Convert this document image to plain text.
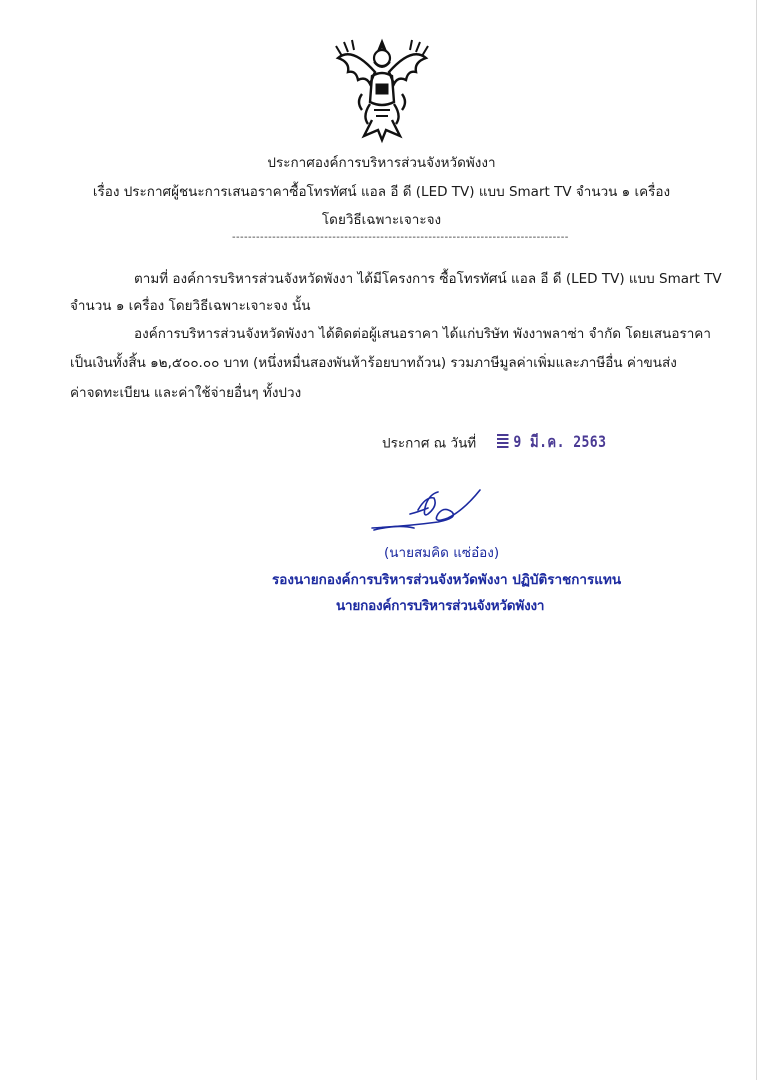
ประกาศองค์การบริหารส่วนจังหวัดพังงา
เรื่อง ประกาศผู้ชนะการเสนอราคาซื้อโทรทัศน์ แอล อี ดี (LED TV) แบบ Smart TV จำนวน ๑ เครื่อง
โดยวิธีเฉพาะเจาะจง
------------------------------------------------------------------------------------
ตามที่ องค์การบริหารส่วนจังหวัดพังงา ได้มีโครงการ ซื้อโทรทัศน์ แอล อี ดี (LED TV) แบบ Smart TV
จำนวน ๑ เครื่อง โดยวิธีเฉพาะเจาะจง นั้น
องค์การบริหารส่วนจังหวัดพังงา ได้ติดต่อผู้เสนอราคา ได้แก่บริษัท พังงาพลาซ่า จำกัด โดยเสนอราคา
เป็นเงินทั้งสิ้น ๑๒,๕๐๐.๐๐ บาท (หนึ่งหมื่นสองพันห้าร้อยบาทถ้วน) รวมภาษีมูลค่าเพิ่มและภาษีอื่น ค่าขนส่ง
ค่าจดทะเบียน และค่าใช้จ่ายอื่นๆ ทั้งปวง
ประกาศ ณ วันที่ 9 มี.ค. 2563
(นายสมคิด แซ่อ๋อง)
รองนายกองค์การบริหารส่วนจังหวัดพังงา ปฏิบัติราชการแทน
นายกองค์การบริหารส่วนจังหวัดพังงา
